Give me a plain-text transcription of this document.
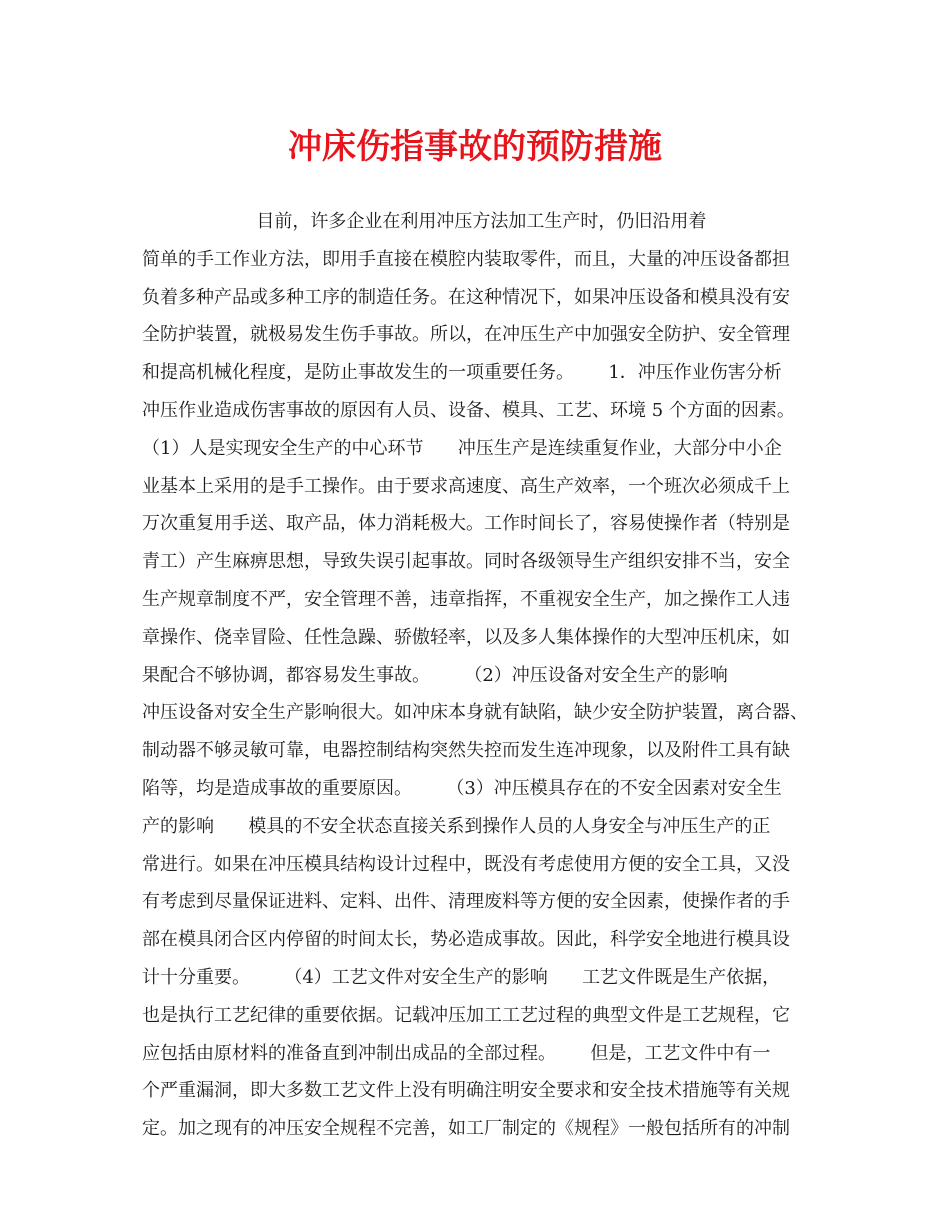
冲床伤指事故的预防措施
目前，许多企业在利用冲压方法加工生产时，仍旧沿用着
简单的手工作业方法，即用手直接在模腔内装取零件，而且，大量的冲压设备都担
负着多种产品或多种工序的制造任务。在这种情况下，如果冲压设备和模具没有安
全防护装置，就极易发生伤手事故。所以，在冲压生产中加强安全防护、安全管理
和提高机械化程度，是防止事故发生的一项重要任务。      1．冲压作业伤害分析
冲压作业造成伤害事故的原因有人员、设备、模具、工艺、环境 5 个方面的因素。
（1）人是实现安全生产的中心环节      冲压生产是连续重复作业，大部分中小企
业基本上采用的是手工操作。由于要求高速度、高生产效率，一个班次必须成千上
万次重复用手送、取产品，体力消耗极大。工作时间长了，容易使操作者（特别是
青工）产生麻痹思想，导致失误引起事故。同时各级领导生产组织安排不当，安全
生产规章制度不严，安全管理不善，违章指挥，不重视安全生产，加之操作工人违
章操作、侥幸冒险、任性急躁、骄傲轻率，以及多人集体操作的大型冲压机床，如
果配合不够协调，都容易发生事故。      （2）冲压设备对安全生产的影响
冲压设备对安全生产影响很大。如冲床本身就有缺陷，缺少安全防护装置，离合器、
制动器不够灵敏可靠，电器控制结构突然失控而发生连冲现象，以及附件工具有缺
陷等，均是造成事故的重要原因。      （3）冲压模具存在的不安全因素对安全生
产的影响      模具的不安全状态直接关系到操作人员的人身安全与冲压生产的正
常进行。如果在冲压模具结构设计过程中，既没有考虑使用方便的安全工具，又没
有考虑到尽量保证进料、定料、出件、清理废料等方便的安全因素，使操作者的手
部在模具闭合区内停留的时间太长，势必造成事故。因此，科学安全地进行模具设
计十分重要。      （4）工艺文件对安全生产的影响      工艺文件既是生产依据，
也是执行工艺纪律的重要依据。记载冲压加工工艺过程的典型文件是工艺规程，它
应包括由原材料的准备直到冲制出成品的全部过程。      但是，工艺文件中有一
个严重漏洞，即大多数工艺文件上没有明确注明安全要求和安全技术措施等有关规
定。加之现有的冲压安全规程不完善，如工厂制定的《规程》一般包括所有的冲制
